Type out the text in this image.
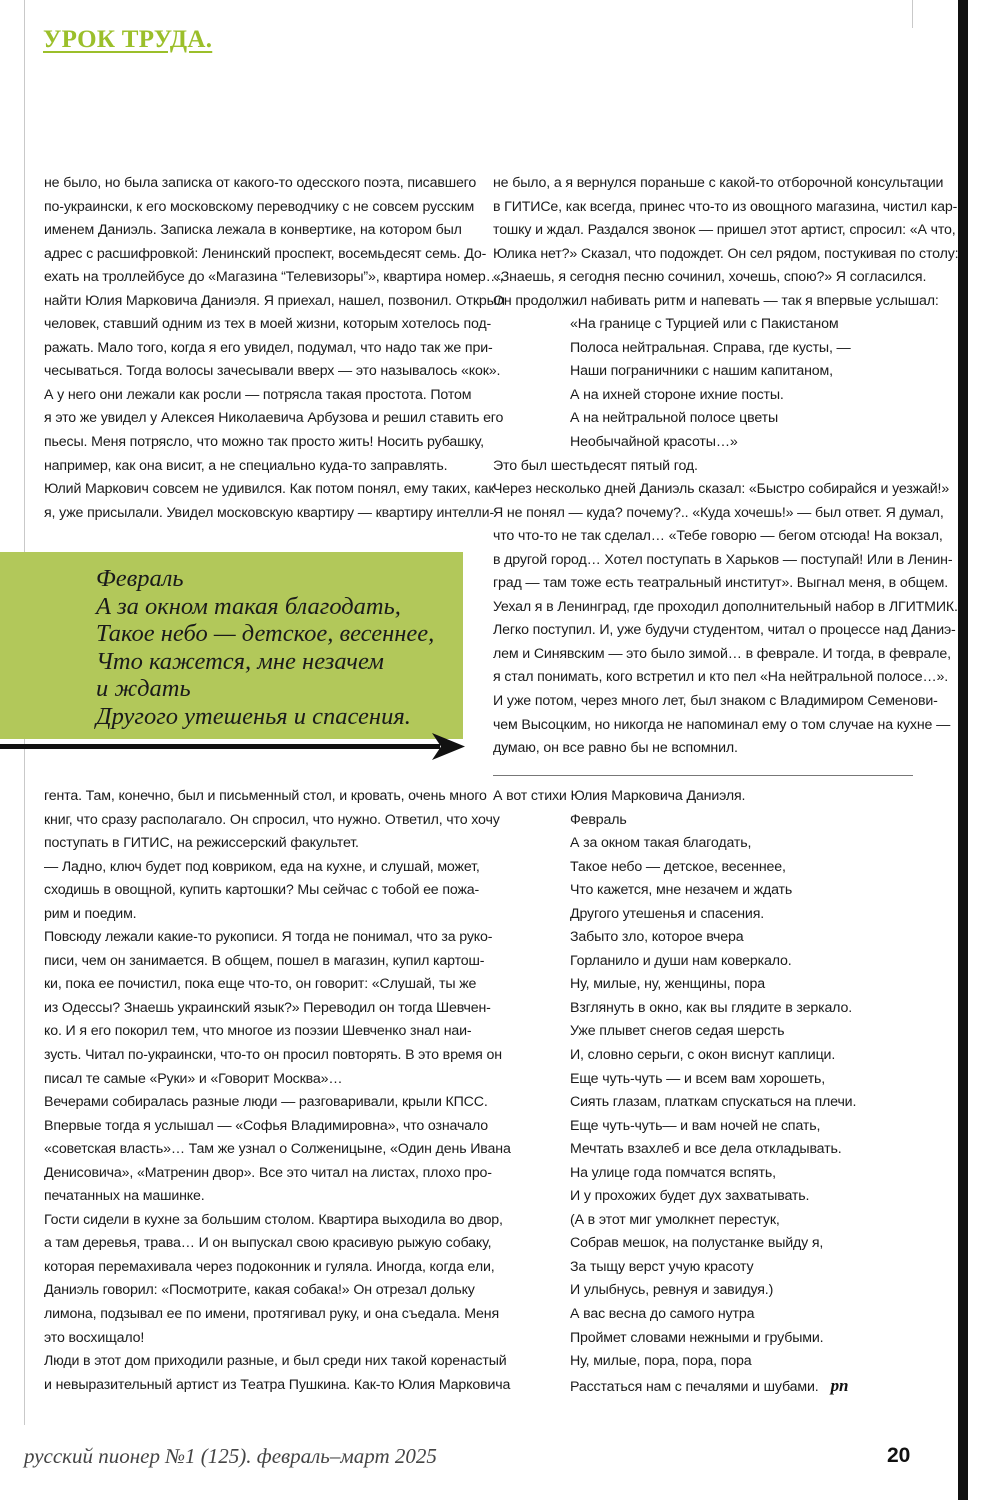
УРОК ТРУДА.

не было, но была записка от какого-то одесского поэта, писавшего

по-украински, к его московскому переводчику с не совсем русским

именем Даниэль. Записка лежала в конвертике, на котором был

адрес с расшифровкой: Ленинский проспект, восемьдесят семь. До-

ехать на троллейбусе до «Магазина “Телевизоры”», квартира номер…,

найти Юлия Марковича Даниэля. Я приехал, нашел, позвонил. Открыл

человек, ставший одним из тех в моей жизни, которым хотелось под-

ражать. Мало того, когда я его увидел, подумал, что надо так же при-

чесываться. Тогда волосы зачесывали вверх — это называлось «кок».

А у него они лежали как росли — потрясла такая простота. Потом

я это же увидел у Алексея Николаевича Арбузова и решил ставить его

пьесы. Меня потрясло, что можно так просто жить! Носить рубашку,

например, как она висит, а не специально куда-то заправлять.

Юлий Маркович совсем не удивился. Как потом понял, ему таких, как

я, уже присылали. Увидел московскую квартиру — квартиру интелли-

Февраль

А за окном такая благодать,

Такое небо — детское, весеннее,

Что кажется, мне незачем

и ждать

Другого утешенья и спасения.

гента. Там, конечно, был и письменный стол, и кровать, очень много

книг, что сразу располагало. Он спросил, что нужно. Ответил, что хочу

поступать в ГИТИС, на режиссерский факультет.

— Ладно, ключ будет под ковриком, еда на кухне, и слушай, может,

сходишь в овощной, купить картошки? Мы сейчас с тобой ее пожа-

рим и поедим.

Повсюду лежали какие-то рукописи. Я тогда не понимал, что за руко-

писи, чем он занимается. В общем, пошел в магазин, купил картош-

ки, пока ее почистил, пока еще что-то, он говорит: «Слушай, ты же

из Одессы? Знаешь украинский язык?» Переводил он тогда Шевчен-

ко. И я его покорил тем, что многое из поэзии Шевченко знал наи-

зусть. Читал по-украински, что-то он просил повторять. В это время он

писал те самые «Руки» и «Говорит Москва»…

Вечерами собиралась разные люди — разговаривали, крыли КПСС.

Впервые тогда я услышал — «Софья Владимировна», что означало

«советская власть»… Там же узнал о Солженицыне, «Один день Ивана

Денисовича», «Матренин двор». Все это читал на листах, плохо про-

печатанных на машинке.

Гости сидели в кухне за большим столом. Квартира выходила во двор,

а там деревья, трава… И он выпускал свою красивую рыжую собаку,

которая перемахивала через подоконник и гуляла. Иногда, когда ели,

Даниэль говорил: «Посмотрите, какая собака!» Он отрезал дольку

лимона, подзывал ее по имени, протягивал руку, и она съедала. Меня

это восхищало!

Люди в этот дом приходили разные, и был среди них такой коренастый

и невыразительный артист из Театра Пушкина. Как-то Юлия Марковича

не было, а я вернулся пораньше с какой-то отборочной консультации

в ГИТИСе, как всегда, принес что-то из овощного магазина, чистил кар-

тошку и ждал. Раздался звонок — пришел этот артист, спросил: «А что,

Юлика нет?» Сказал, что подождет. Он сел рядом, постукивая по столу:

«Знаешь, я сегодня песню сочинил, хочешь, спою?» Я согласился.

Он продолжил набивать ритм и напевать — так я впервые услышал:

«На границе с Турцией или с Пакистаном

Полоса нейтральная. Справа, где кусты, —

Наши пограничники с нашим капитаном,

А на ихней стороне ихние посты.

А на нейтральной полосе цветы

Необычайной красоты…»

Это был шестьдесят пятый год.

Через несколько дней Даниэль сказал: «Быстро собирайся и уезжай!»

Я не понял — куда? почему?.. «Куда хочешь!» — был ответ. Я думал,

что что-то не так сделал… «Тебе говорю — бегом отсюда! На вокзал,

в другой город… Хотел поступать в Харьков — поступай! Или в Ленин-

град — там тоже есть театральный институт». Выгнал меня, в общем.

Уехал я в Ленинград, где проходил дополнительный набор в ЛГИТМИК.

Легко поступил. И, уже будучи студентом, читал о процессе над Даниэ-

лем и Синявским — это было зимой… в феврале. И тогда, в феврале,

я стал понимать, кого встретил и кто пел «На нейтральной полосе…».

И уже потом, через много лет, был знаком с Владимиром Семенови-

чем Высоцким, но никогда не напоминал ему о том случае на кухне —

думаю, он все равно бы не вспомнил.

А вот стихи Юлия Марковича Даниэля.

Февраль

А за окном такая благодать,

Такое небо — детское, весеннее,

Что кажется, мне незачем и ждать

Другого утешенья и спасения.

Забыто зло, которое вчера

Горланило и души нам коверкало.

Ну, милые, ну, женщины, пора

Взглянуть в окно, как вы глядите в зеркало.

Уже плывет снегов седая шерсть

И, словно серьги, с окон виснут каплици.

Еще чуть-чуть — и всем вам хорошеть,

Сиять глазам, платкам спускаться на плечи.

Еще чуть-чуть— и вам ночей не спать,

Мечтать взахлеб и все дела откладывать.

На улице года помчатся вспять,

И у прохожих будет дух захватывать.

(А в этот миг умолкнет перестук,

Собрав мешок, на полустанке выйду я,

За тыщу верст учую красоту

И улыбнусь, ревнуя и завидуя.)

А вас весна до самого нутра

Проймет словами нежными и грубыми.

Ну, милые, пора, пора, пора

Расстаться нам с печалями и шубами. рп

русский пионер №1 (125). февраль–март 2025	20
